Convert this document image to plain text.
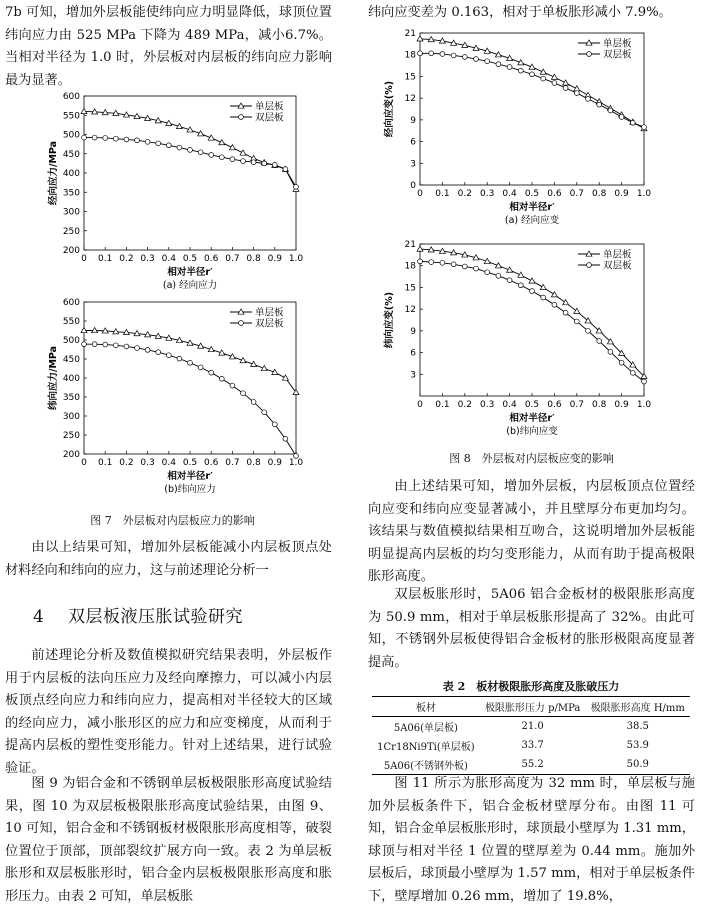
7b 可知，增加外层板能使纬向应力明显降低，球顶位置纬向应力由 525 MPa 下降为 489 MPa，减小6.7%。当相对半径为 1.0 时，外层板对内层板的纬向应力影响最为显著。

0 0.1 0.2 0.3 0.4 0.5 0.6 0.7 0.8 0.9 1.0
200
250
300
350
400
450
500
550
600
相对半径r′
(a) 经向应力
经向应力/MPa
单层板
双层板
0 0.1 0.2 0.3 0.4 0.5 0.6 0.7 0.8 0.9 1.0
200
250
300
350
400
450
500
550
600
相对半径r′
(b)纬向应力
纬向应力/MPa
单层板
双层板
图 7　外层板对内层板应力的影响

由以上结果可知，增加外层板能减小内层板顶点处材料经向和纬向的应力，这与前述理论分析一

4 双层板液压胀试验研究

前述理论分析及数值模拟研究结果表明，外层板作用于内层板的法向压应力及经向摩擦力，可以减小内层板顶点经向应力和纬向应力，提高相对半径较大的区域的经向应力，减小胀形区的应力和应变梯度，从而利于提高内层板的塑性变形能力。针对上述结果，进行试验验证。

图 9 为铝合金和不锈钢单层板极限胀形高度试验结果，图 10 为双层板极限胀形高度试验结果，由图 9、10 可知，铝合金和不锈钢板材极限胀形高度相等，破裂位置位于顶部，顶部裂纹扩展方向一致。表 2 为单层板胀形和双层板胀形时，铝合金内层板极限胀形高度和胀形压力。由表 2 可知，单层板胀

纬向应变差为 0.163，相对于单板胀形减小 7.9%。

0 0.1 0.2 0.3 0.4 0.5 0.6 0.7 0.8 0.9 1.0
0
3
6
9
12
15
18
21
相对半径r′
(a) 经向应变
经向应变(%)
单层板
双层板
0 0.1 0.2 0.3 0.4 0.5 0.6 0.7 0.8 0.9 1.0
3
6
9
12
15
18
21
相对半径r′
(b)纬向应变
纬向应变(%)
单层板
双层板
图 8　外层板对内层板应变的影响

由上述结果可知，增加外层板，内层板顶点位置经向应变和纬向应变显著减小，并且壁厚分布更加均匀。该结果与数值模拟结果相互吻合，这说明增加外层板能明显提高内层板的均匀变形能力，从而有助于提高极限胀形高度。

双层板胀形时，5A06 铝合金板材的极限胀形高度为 50.9 mm，相对于单层板胀形提高了 32%。由此可知，不锈钢外层板使得铝合金板材的胀形极限高度显著提高。

表 2　板材极限胀形高度及胀破压力
板材	极限胀形压力 p/MPa	极限胀形高度 H/mm
5A06(单层板)	21.0	38.5
1Cr18Ni9Ti(单层板)	33.7	53.9
5A06(不锈钢外板)	55.2	50.9

图 11 所示为胀形高度为 32 mm 时，单层板与施加外层板条件下，铝合金板材壁厚分布。由图 11 可知，铝合金单层板胀形时，球顶最小壁厚为 1.31 mm，球顶与相对半径 1 位置的壁厚差为 0.44 mm。施加外层板后，球顶最小壁厚为 1.57 mm，相对于单层板条件下，壁厚增加 0.26 mm，增加了 19.8%，
